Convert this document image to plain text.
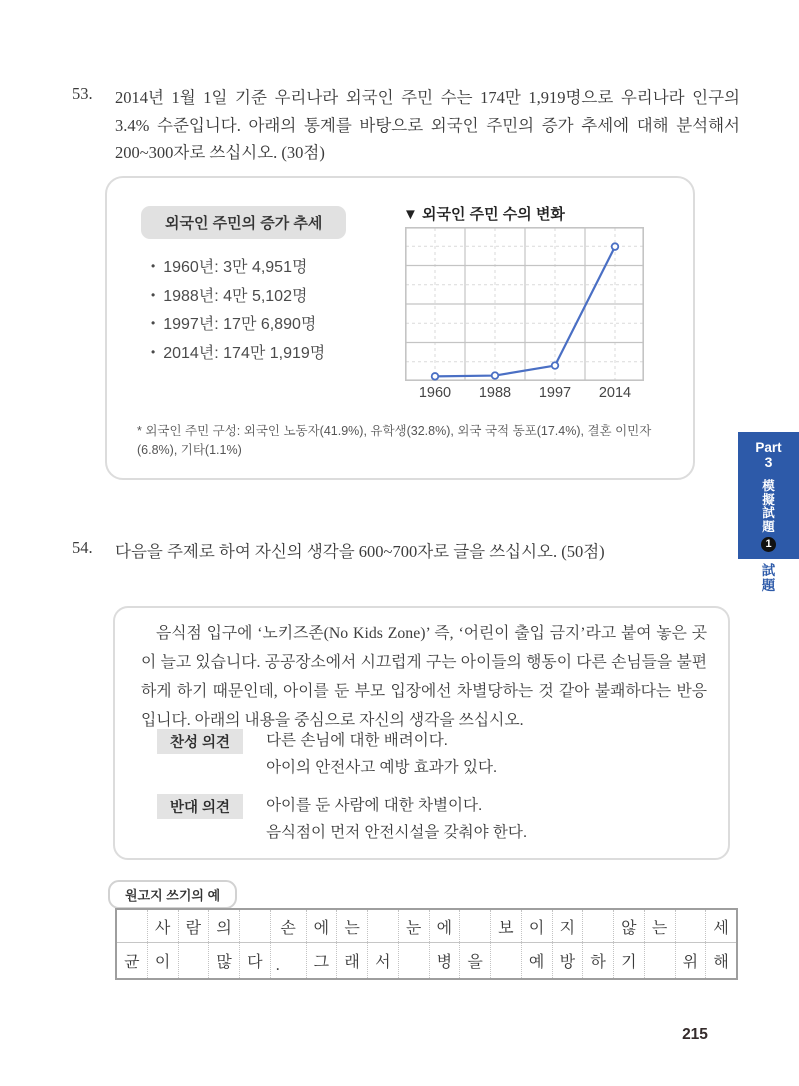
53.	2014년 1월 1일 기준 우리나라 외국인 주민 수는 174만 1,919명으로 우리나라 인구의 3.4% 수준입니다. 아래의 통계를 바탕으로 외국인 주민의 증가 추세에 대해 분석해서 200~300자로 쓰십시오. (30점)
외국인 주민의 증가 추세
• 1960년: 3만 4,951명
• 1988년: 4만 5,102명
• 1997년: 17만 6,890명
• 2014년: 174만 1,919명
▼ 외국인 주민 수의 변화
1960	1988	1997	2014
* 외국인 주민 구성: 외국인 노동자(41.9%), 유학생(32.8%), 외국 국적 동포(17.4%), 결혼 이민자(6.8%), 기타(1.1%)	Part
3
模
擬
試
題
1
試
題
54.	다음을 주제로 하여 자신의 생각을 600~700자로 글을 쓰십시오. (50점)
음식점 입구에 ‘노키즈존(No Kids Zone)’ 즉, ‘어린이 출입 금지’라고 붙여 놓은 곳이 늘고 있습니다. 공공장소에서 시끄럽게 구는 아이들의 행동이 다른 손님들을 불편하게 하기 때문인데, 아이를 둔 부모 입장에선 차별당하는 것 같아 불쾌하다는 반응입니다. 아래의 내용을 중심으로 자신의 생각을 쓰십시오.
찬성 의견	다른 손님에 대한 배려이다.
아이의 안전사고 예방 효과가 있다.
반대 의견	아이를 둔 사람에 대한 차별이다.
음식점이 먼저 안전시설을 갖춰야 한다.
원고지 쓰기의 예
	사	람	의		손	에	는		눈	에		보	이	지		않	는		세
균	이		많	다	.	그	래	서		병	을		예	방	하	기		위	해
215
